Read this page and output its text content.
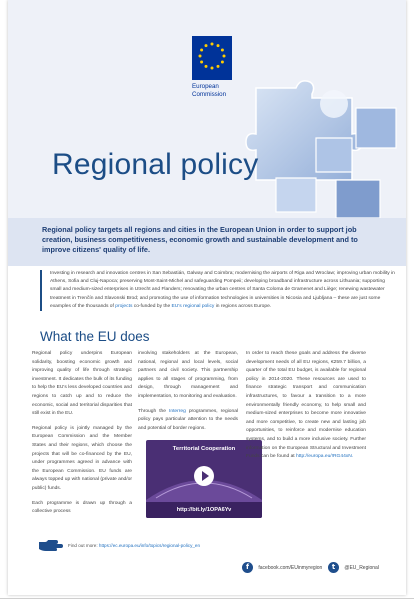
European
Commission
Regional policy
Regional policy targets all regions and cities in the European Union in order to support job creation, business competitiveness, economic growth and sustainable development and to improve citizens' quality of life.
Investing in research and innovation centres in San Sebastián, Galway and Coimbra; modernising the airports of Riga and Wroclaw; improving urban mobility in Athens, Sofia and Cluj-Napoca; preserving Mont-Saint-Michel and safeguarding Pompeii; developing broadband infrastructure across Lithuania; supporting small and medium-sized enterprises in Utrecht and Flanders; renovating the urban centres of Santa Coloma de Gramenet and Liège; renewing wastewater treatment in Trenčín and Slavonski Brod; and promoting the use of information technologies in universities in Nicosia and Ljubljana – these are just some examples of the thousands of projects co-funded by the EU's regional policy in regions across Europe.
What the EU does

Regional policy underpins European solidarity, boosting economic growth and improving quality of life through strategic investment. It dedicates the bulk of its funding to help the EU's less developed countries and regions to catch up and to reduce the economic, social and territorial disparities that still exist in the EU.

Regional policy is jointly managed by the European Commission and the Member States and their regions, which choose the projects that will be co-financed by the EU, under programmes agreed in advance with the European Commission. EU funds are always topped up with national (private and/or public) funds.

Each programme is drawn up through a collective process

involving stakeholders at the European, national, regional and local levels, social partners and civil society. This partnership applies to all stages of programming, from design, through management and implementation, to monitoring and evaluation.

Through the Interreg programmes, regional policy pays particular attention to the needs and potential of border regions.

Territorial Cooperation
http://bit.ly/1OPA6Yv

In order to reach these goals and address the diverse development needs of all EU regions, €259.7 billion, a quarter of the total EU budget, is available for regional policy in 2014-2020. These resources are used to finance strategic transport and communication infrastructures, to favour a transition to a more environmentally friendly economy, to help small and medium-sized enterprises to become more innovative and more competitive, to create new and lasting job opportunities, to reinforce and modernise education systems, and to build a more inclusive society. Further information on the European Structural and Investment Funds can be found at http://europa.eu/!RG44xN.

Find out more: https://ec.europa.eu/info/topics/regional-policy_en
f facebook.com/EUinmyregion	t @EU_Regional
